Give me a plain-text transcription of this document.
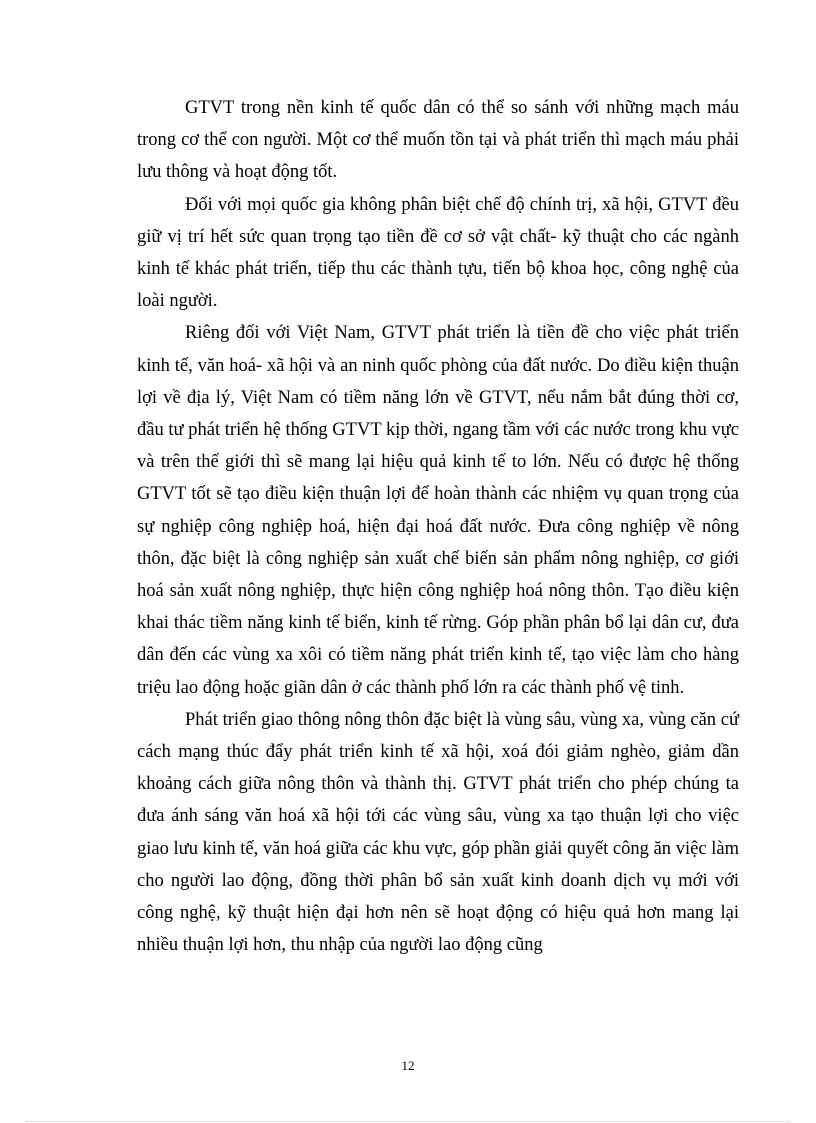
GTVT trong nền kinh tế quốc dân có thể so sánh với những mạch máu trong cơ thể con người. Một cơ thể muốn tồn tại và phát triển thì mạch máu phải lưu thông và hoạt động tốt.

Đối với mọi quốc gia không phân biệt chế độ chính trị, xã hội, GTVT đều giữ vị trí hết sức quan trọng tạo tiền đề cơ sở vật chất- kỹ thuật cho các ngành kinh tế khác phát triển, tiếp thu các thành tựu, tiến bộ khoa học, công nghệ của loài người.

Riêng đối với Việt Nam, GTVT phát triển là tiền đề cho việc phát triển kinh tế, văn hoá- xã hội và an ninh quốc phòng của đất nước. Do điều kiện thuận lợi về địa lý, Việt Nam có tiềm năng lớn về GTVT, nếu nắm bắt đúng thời cơ, đầu tư phát triển hệ thống GTVT kịp thời, ngang tầm với các nước trong khu vực và trên thế giới thì sẽ mang lại hiệu quả kinh tế to lớn. Nếu có được hệ thống GTVT tốt sẽ tạo điều kiện thuận lợi để hoàn thành các nhiệm vụ quan trọng của sự nghiệp công nghiệp hoá, hiện đại hoá đất nước. Đưa công nghiệp về nông thôn, đặc biệt là công nghiệp sản xuất chế biến sản phẩm nông nghiệp, cơ giới hoá sản xuất nông nghiệp, thực hiện công nghiệp hoá nông thôn. Tạo điều kiện khai thác tiềm năng kinh tế biển, kinh tế rừng. Góp phần phân bổ lại dân cư, đưa dân đến các vùng xa xôi có tiềm năng phát triển kinh tế, tạo việc làm cho hàng triệu lao động hoặc giãn dân ở các thành phố lớn ra các thành phố vệ tinh.

Phát triển giao thông nông thôn đặc biệt là vùng sâu, vùng xa, vùng căn cứ cách mạng thúc đẩy phát triển kinh tế xã hội, xoá đói giảm nghèo, giảm dần khoảng cách giữa nông thôn và thành thị. GTVT phát triển cho phép chúng ta đưa ánh sáng văn hoá xã hội tới các vùng sâu, vùng xa tạo thuận lợi cho việc giao lưu kinh tế, văn hoá giữa các khu vực, góp phần giải quyết công ăn việc làm cho người lao động, đồng thời phân bổ sản xuất kinh doanh dịch vụ mới với công nghệ, kỹ thuật hiện đại hơn nên sẽ hoạt động có hiệu quả hơn mang lại nhiều thuận lợi hơn, thu nhập của người lao động cũng

12
